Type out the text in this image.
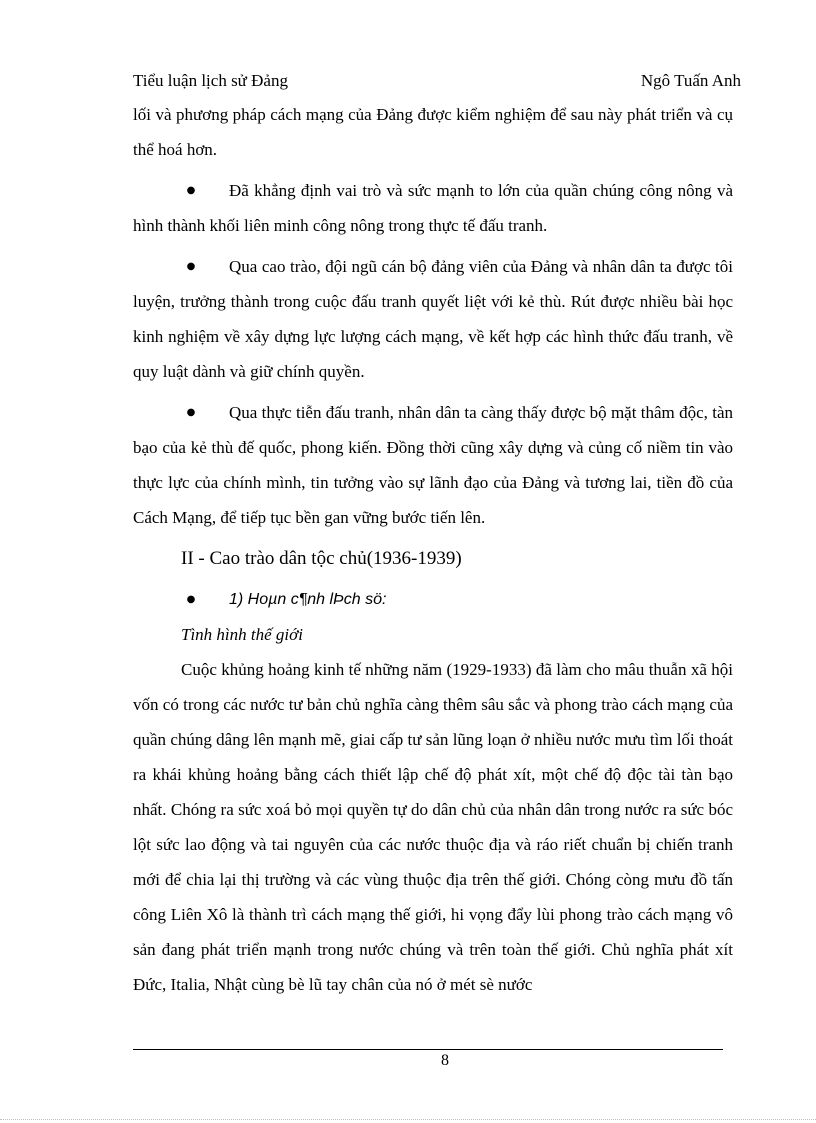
Tiểu luận lịch sử Đảng	Ngô Tuấn Anh

lối và phương pháp cách mạng của Đảng được kiểm nghiệm để sau này phát triển và cụ thể hoá hơn.

●	Đã khẳng định vai trò và sức mạnh to lớn của quần chúng công nông và hình thành khối liên minh công nông trong thực tế đấu tranh.

●	Qua cao trào, đội ngũ cán bộ đảng viên của Đảng và nhân dân ta được tôi luyện, trưởng thành trong cuộc đấu tranh quyết liệt với kẻ thù. Rút được nhiều bài học kinh nghiệm về xây dựng lực lượng cách mạng, về kết hợp các hình thức đấu tranh, về quy luật dành và giữ chính quyền.

●	Qua thực tiễn đấu tranh, nhân dân ta càng thấy được bộ mặt thâm độc, tàn bạo của kẻ thù đế quốc, phong kiến. Đồng thời cũng xây dựng và củng cố niềm tin vào thực lực của chính mình, tin tưởng vào sự lãnh đạo của Đảng và tương lai, tiền đồ của Cách Mạng, để tiếp tục bền gan vững bước tiến lên.

II - Cao trào dân tộc chủ(1936-1939)

●	1) Hoµn c¶nh lÞch sö:

Tình hình thế giới

Cuộc khủng hoảng kinh tế những năm (1929-1933) đã làm cho mâu thuẫn xã hội vốn có trong các nước tư bản chủ nghĩa càng thêm sâu sắc và phong trào cách mạng của quần chúng dâng lên mạnh mẽ, giai cấp tư sản lũng loạn ở nhiều nước mưu tìm lối thoát ra khái khủng hoảng bằng cách thiết lập chế độ phát xít, một chế độ độc tài tàn bạo nhất. Chóng ra sức xoá bỏ mọi quyền tự do dân chủ của nhân dân trong nước ra sức bóc lột sức lao động và tai nguyên của các nước thuộc địa và ráo riết chuẩn bị chiến tranh mới để chia lại thị trường và các vùng thuộc địa trên thế giới. Chóng còng mưu đồ tấn công Liên Xô là thành trì cách mạng thế giới, hi vọng đẩy lùi phong trào cách mạng vô sản đang phát triển mạnh trong nước chúng và trên toàn thế giới. Chủ nghĩa phát xít Đức, Italia, Nhật cùng bè lũ tay chân của nó ở mét sè nước

8
